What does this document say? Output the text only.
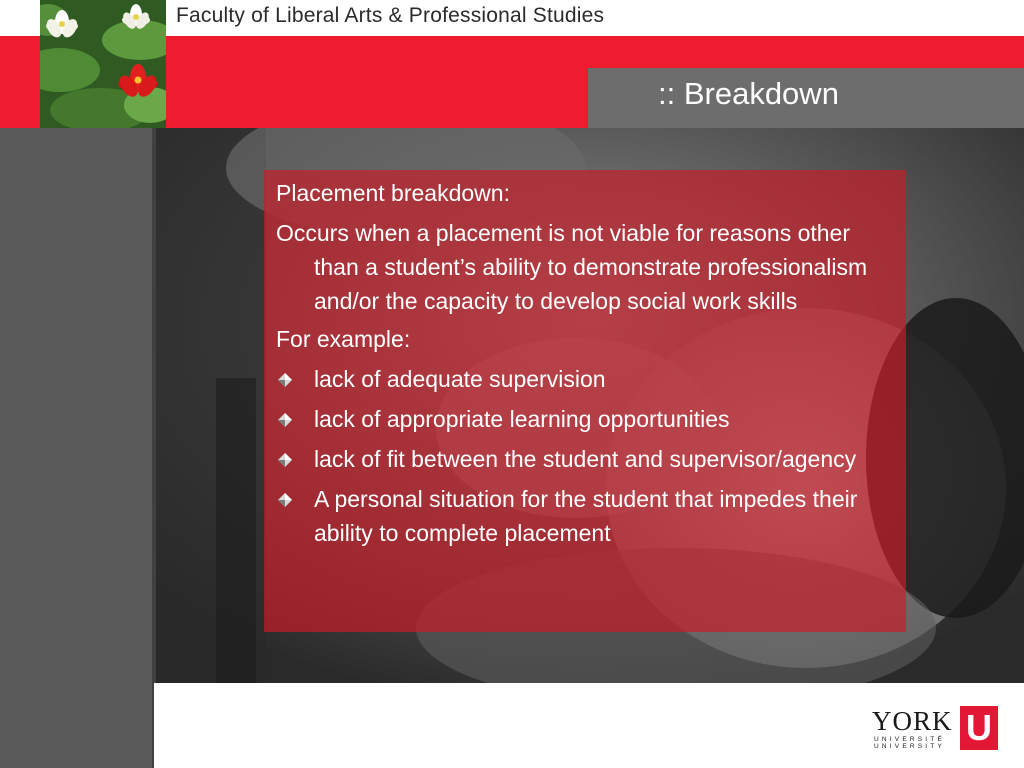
Faculty of Liberal Arts & Professional Studies
:: Breakdown

Placement breakdown:

Occurs when a placement is not viable for reasons other than a student’s ability to demonstrate professionalism and/or the capacity to develop social work skills

For example:

lack of adequate supervision
lack of appropriate learning opportunities
lack of fit between the student and supervisor/agency
A personal situation for the student that impedes their ability to complete placement
YORK
UNIVERSITÉ
UNIVERSITY U
